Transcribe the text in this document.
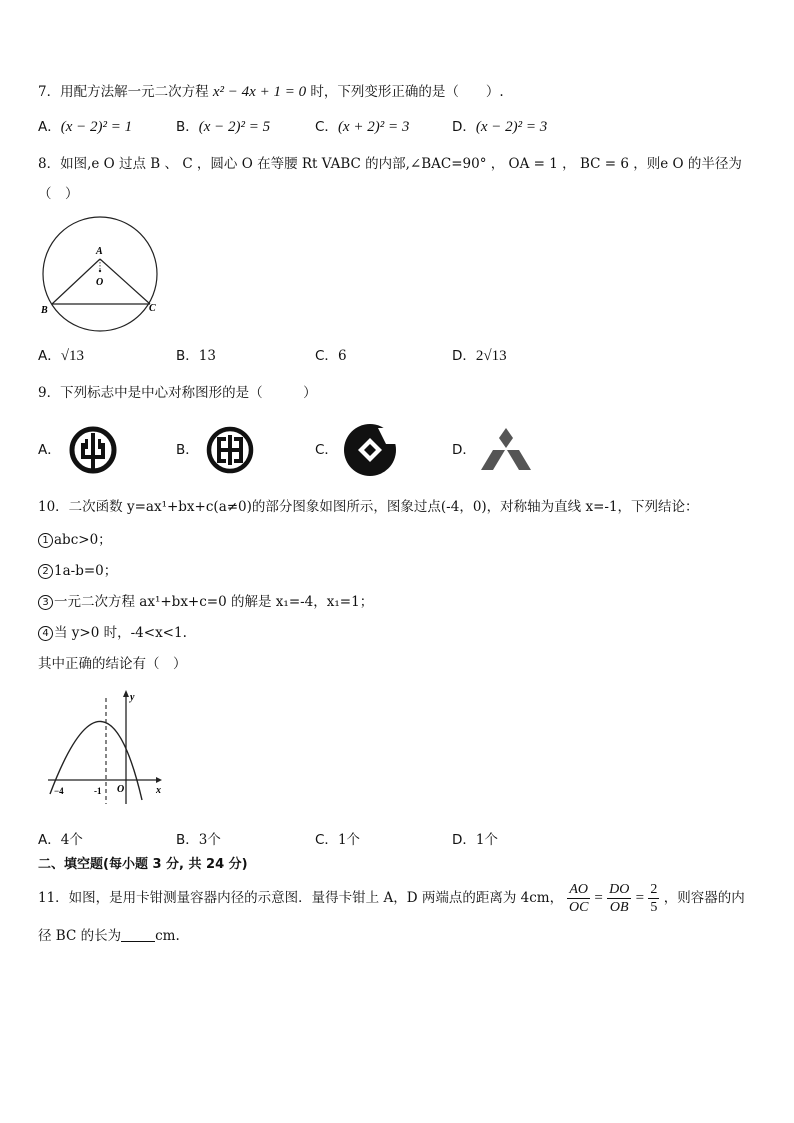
7．用配方法解一元二次方程 x² − 4x + 1 = 0 时，下列变形正确的是（　　）.
A．(x − 2)² = 1	B．(x − 2)² = 5	C．(x + 2)² = 3	D．(x − 2)² = 3
8．如图,e O 过点 B 、 C ，圆心 O 在等腰 Rt VABC 的内部,∠BAC=90° ， OA = 1 ， BC = 6 ，则e O 的半径为
（　）
A
O
B	C
A．√13	B．13	C．6	D．2√13
9．下列标志中是中心对称图形的是（　　　）
A．	B．	C．	D．
10．二次函数 y=ax¹+bx+c(a≠0)的部分图象如图所示，图象过点(-4，0)，对称轴为直线 x=-1，下列结论：
1 abc>0；
2 1a-b=0；
3 一元二次方程 ax¹+bx+c=0 的解是 x₁=-4，x₁=1；
4 当 y>0 时，-4<x<1.
其中正确的结论有（　）
y
x
O
−4	-1
A．4个	B．3个	C．1个	D．1个
二、填空题(每小题 3 分, 共 24 分)
11．如图，是用卡钳测量容器内径的示意图．量得卡钳上 A，D 两端点的距离为 4cm， $\frac{AO}{OC} = \frac{DO}{OB} = \frac{2}{5}$ ，则容器的内
径 BC 的长为	cm.
